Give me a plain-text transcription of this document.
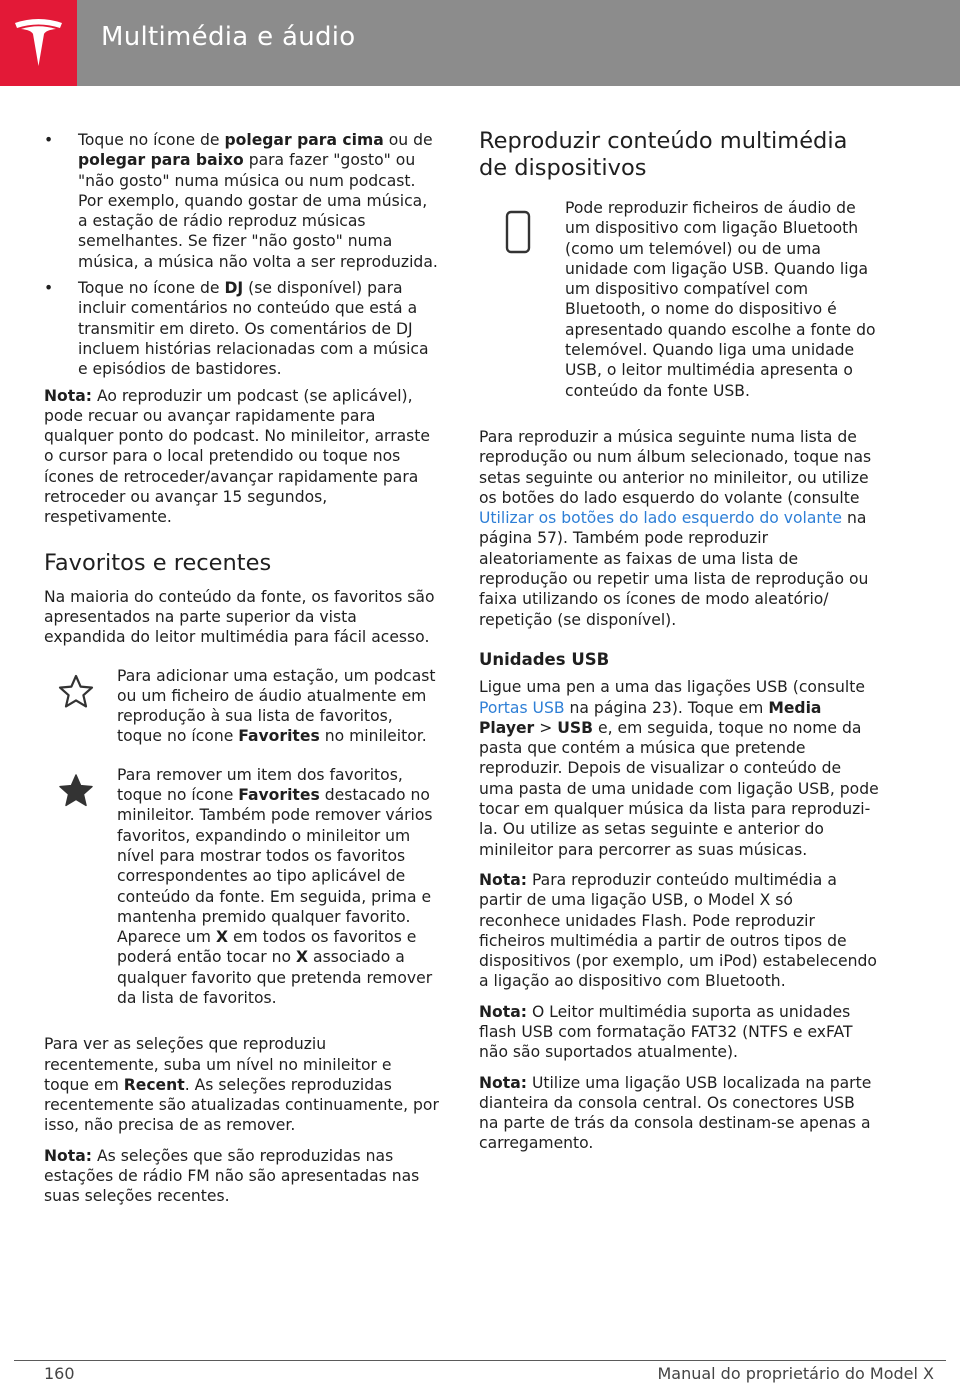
Multimédia e áudio
• Toque no ícone de polegar para cima ou de polegar para baixo para fazer "gosto" ou "não gosto" numa música ou num podcast. Por exemplo, quando gostar de uma música, a estação de rádio reproduz músicas semelhantes. Se fizer "não gosto" numa música, a música não volta a ser reproduzida.
• Toque no ícone de DJ (se disponível) para incluir comentários no conteúdo que está a transmitir em direto. Os comentários de DJ incluem histórias relacionadas com a música e episódios de bastidores.

Nota: Ao reproduzir um podcast (se aplicável), pode recuar ou avançar rapidamente para qualquer ponto do podcast. No minileitor, arraste o cursor para o local pretendido ou toque nos ícones de retroceder/avançar rapidamente para retroceder ou avançar 15 segundos, respetivamente.

Favoritos e recentes

Na maioria do conteúdo da fonte, os favoritos são apresentados na parte superior da vista expandida do leitor multimédia para fácil acesso.

Para adicionar uma estação, um podcast ou um ficheiro de áudio atualmente em reprodução à sua lista de favoritos, toque no ícone Favorites no minileitor.
Para remover um item dos favoritos, toque no ícone Favorites destacado no minileitor. Também pode remover vários favoritos, expandindo o minileitor um nível para mostrar todos os favoritos correspondentes ao tipo aplicável de conteúdo da fonte. Em seguida, prima e mantenha premido qualquer favorito. Aparece um X em todos os favoritos e poderá então tocar no X associado a qualquer favorito que pretenda remover da lista de favoritos.

Para ver as seleções que reproduziu recentemente, suba um nível no minileitor e toque em Recent. As seleções reproduzidas recentemente são atualizadas continuamente, por isso, não precisa de as remover.

Nota: As seleções que são reproduzidas nas estações de rádio FM não são apresentadas nas suas seleções recentes.

Reproduzir conteúdo multimédia de dispositivos
Pode reproduzir ficheiros de áudio de um dispositivo com ligação Bluetooth (como um telemóvel) ou de uma unidade com ligação USB. Quando liga um dispositivo compatível com Bluetooth, o nome do dispositivo é apresentado quando escolhe a fonte do telemóvel. Quando liga uma unidade USB, o leitor multimédia apresenta o conteúdo da fonte USB.

Para reproduzir a música seguinte numa lista de reprodução ou num álbum selecionado, toque nas setas seguinte ou anterior no minileitor, ou utilize os botões do lado esquerdo do volante (consulte Utilizar os botões do lado esquerdo do volante na página 57). Também pode reproduzir aleatoriamente as faixas de uma lista de reprodução ou repetir uma lista de reprodução ou faixa utilizando os ícones de modo aleatório/ repetição (se disponível).

Unidades USB

Ligue uma pen a uma das ligações USB (consulte Portas USB na página 23). Toque em Media Player > USB e, em seguida, toque no nome da pasta que contém a música que pretende reproduzir. Depois de visualizar o conteúdo de uma pasta de uma unidade com ligação USB, pode tocar em qualquer música da lista para reproduzi-la. Ou utilize as setas seguinte e anterior do minileitor para percorrer as suas músicas.

Nota: Para reproduzir conteúdo multimédia a partir de uma ligação USB, o Model X só reconhece unidades Flash. Pode reproduzir ficheiros multimédia a partir de outros tipos de dispositivos (por exemplo, um iPod) estabelecendo a ligação ao dispositivo com Bluetooth.

Nota: O Leitor multimédia suporta as unidades flash USB com formatação FAT32 (NTFS e exFAT não são suportados atualmente).

Nota: Utilize uma ligação USB localizada na parte dianteira da consola central. Os conectores USB na parte de trás da consola destinam-se apenas a carregamento.

160	Manual do proprietário do Model X
